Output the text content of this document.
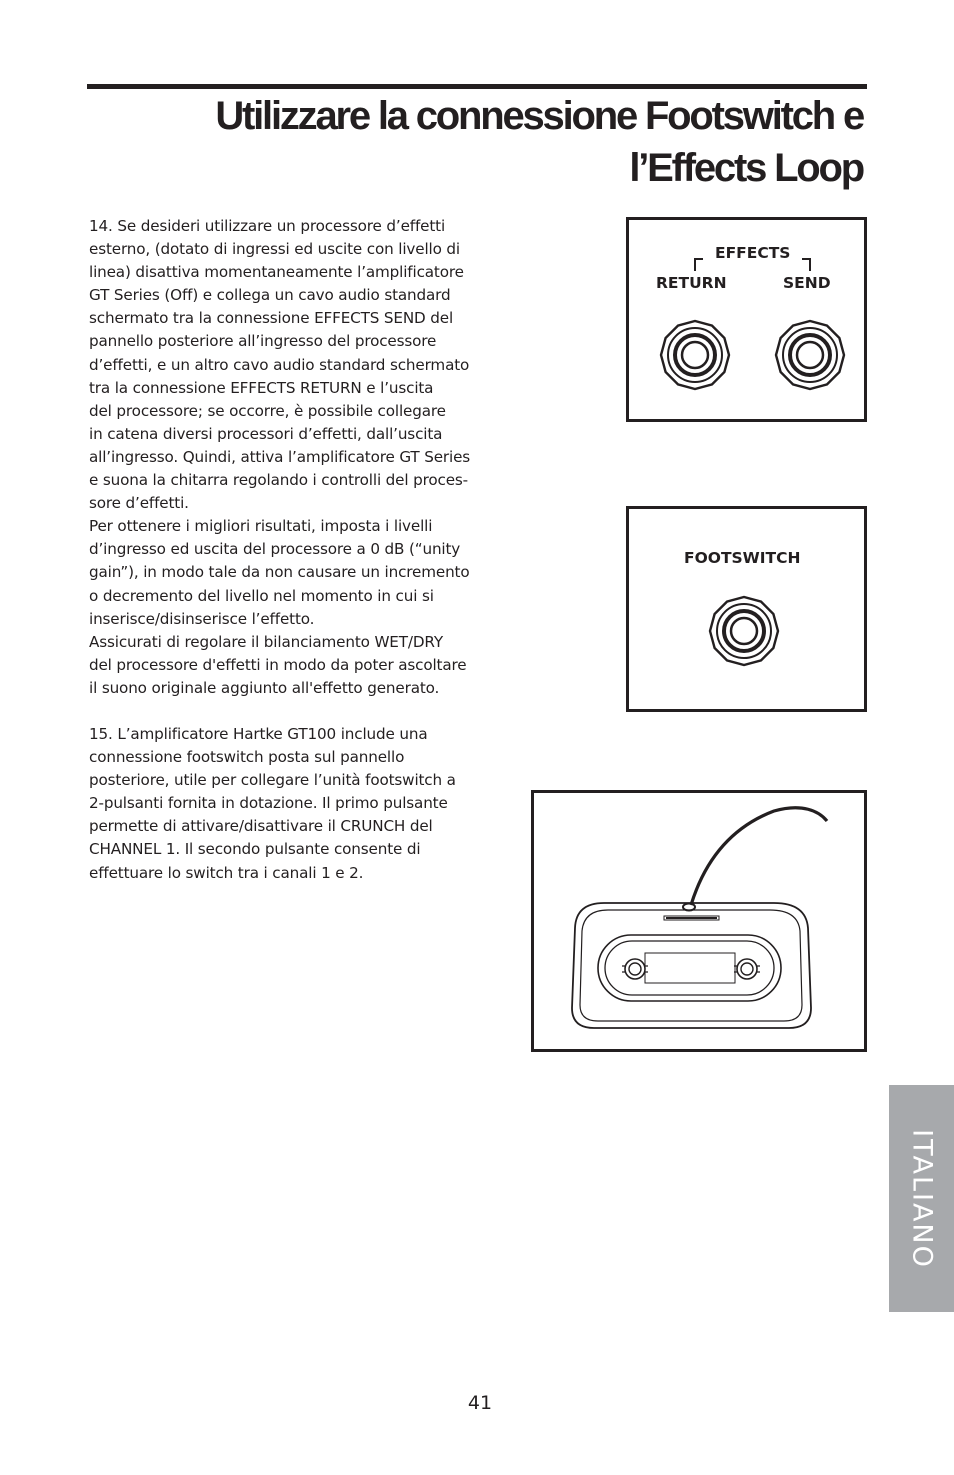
Utilizzare la connessione Footswitch e
l’Effects Loop

14. Se desideri utilizzare un processore d’effetti
esterno, (dotato di ingressi ed uscite con livello di
linea) disattiva momentaneamente l’amplificatore
GT Series (Off) e collega un cavo audio standard
schermato tra la connessione EFFECTS SEND del
pannello posteriore all’ingresso del processore
d’effetti, e un altro cavo audio standard schermato
tra la connessione EFFECTS RETURN e l’uscita
del processore; se occorre, è possibile collegare
in catena diversi processori d’effetti, dall’uscita
all’ingresso. Quindi, attiva l’amplificatore GT Series
e suona la chitarra regolando i controlli del proces-
sore d’effetti.

Per ottenere i migliori risultati, imposta i livelli
d’ingresso ed uscita del processore a 0 dB (“unity
gain”), in modo tale da non causare un incremento
o decremento del livello nel momento in cui si
inserisce/disinserisce l’effetto.

Assicurati di regolare il bilanciamento WET/DRY
del processore d'effetti in modo da poter ascoltare
il suono originale aggiunto all'effetto generato.

15. L’amplificatore Hartke GT100 include una
connessione footswitch posta sul pannello
posteriore, utile per collegare l’unità footswitch a
2-pulsanti fornita in dotazione. Il primo pulsante
permette di attivare/disattivare il CRUNCH del
CHANNEL 1. Il secondo pulsante consente di
effettuare lo switch tra i canali 1 e 2.

EFFECTS
RETURN	SEND
FOOTSWITCH
ITALIANO
41
